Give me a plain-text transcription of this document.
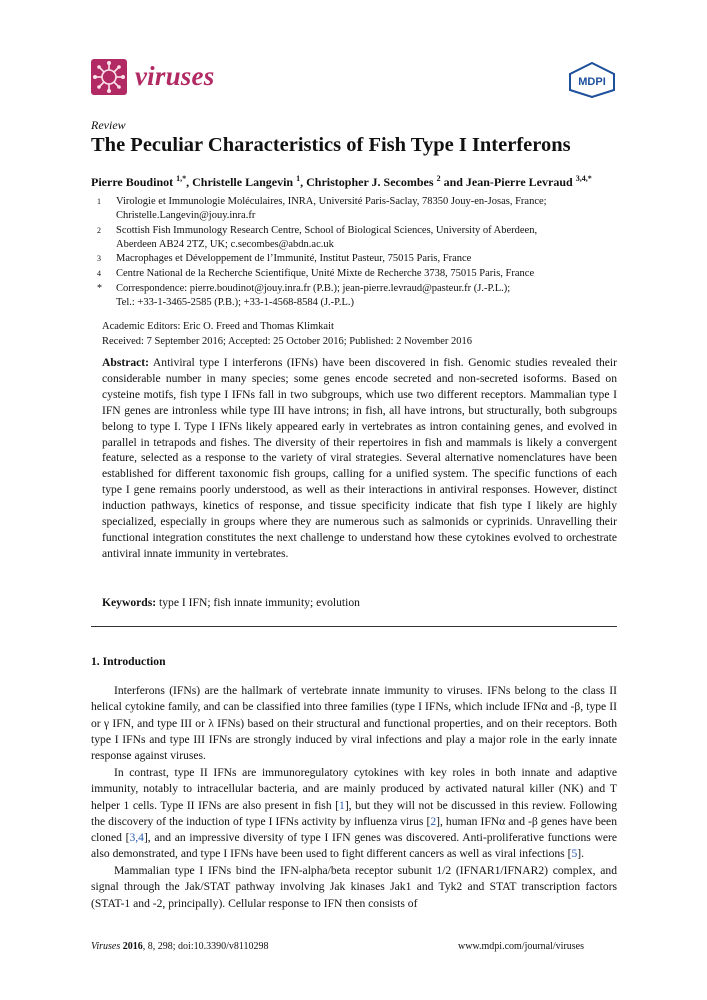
viruses	MDPI
Review
The Peculiar Characteristics of Fish Type I Interferons
Pierre Boudinot $^{1,*}$, Christelle Langevin $^1$, Christopher J. Secombes $^2$ and Jean-Pierre Levraud $^{3,4,*}$
1 Virologie et Immunologie Moléculaires, INRA, Université Paris-Saclay, 78350 Jouy-en-Josas, France;
Christelle.Langevin@jouy.inra.fr
2 Scottish Fish Immunology Research Centre, School of Biological Sciences, University of Aberdeen,
Aberdeen AB24 2TZ, UK; c.secombes@abdn.ac.uk
3 Macrophages et Développement de l’Immunité, Institut Pasteur, 75015 Paris, France
4 Centre National de la Recherche Scientifique, Unité Mixte de Recherche 3738, 75015 Paris, France
* Correspondence: pierre.boudinot@jouy.inra.fr (P.B.); jean-pierre.levraud@pasteur.fr (J.-P.L.);
Tel.: +33-1-3465-2585 (P.B.); +33-1-4568-8584 (J.-P.L.)
Academic Editors: Eric O. Freed and Thomas Klimkait
Received: 7 September 2016; Accepted: 25 October 2016; Published: 2 November 2016
Abstract: Antiviral type I interferons (IFNs) have been discovered in fish. Genomic studies revealed their considerable number in many species; some genes encode secreted and non-secreted isoforms. Based on cysteine motifs, fish type I IFNs fall in two subgroups, which use two different receptors. Mammalian type I IFN genes are intronless while type III have introns; in fish, all have introns, but structurally, both subgroups belong to type I. Type I IFNs likely appeared early in vertebrates as intron containing genes, and evolved in parallel in tetrapods and fishes. The diversity of their repertoires in fish and mammals is likely a convergent feature, selected as a response to the variety of viral strategies. Several alternative nomenclatures have been established for different taxonomic fish groups, calling for a unified system. The specific functions of each type I gene remains poorly understood, as well as their interactions in antiviral responses. However, distinct induction pathways, kinetics of response, and tissue specificity indicate that fish type I likely are highly specialized, especially in groups where they are numerous such as salmonids or cyprinids. Unravelling their functional integration constitutes the next challenge to understand how these cytokines evolved to orchestrate antiviral innate immunity in vertebrates.
Keywords: type I IFN; fish innate immunity; evolution
1. Introduction

Interferons (IFNs) are the hallmark of vertebrate innate immunity to viruses. IFNs belong to the class II helical cytokine family, and can be classified into three families (type I IFNs, which include IFNα and -β, type II or γ IFN, and type III or λ IFNs) based on their structural and functional properties, and on their receptors. Both type I IFNs and type III IFNs are strongly induced by viral infections and play a major role in the early innate response against viruses.

In contrast, type II IFNs are immunoregulatory cytokines with key roles in both innate and adaptive immunity, notably to intracellular bacteria, and are mainly produced by activated natural killer (NK) and T helper 1 cells. Type II IFNs are also present in fish [1], but they will not be discussed in this review. Following the discovery of the induction of type I IFNs activity by influenza virus [2], human IFNα and -β genes have been cloned [3,4], and an impressive diversity of type I IFN genes was discovered. Anti-proliferative functions were also demonstrated, and type I IFNs have been used to fight different cancers as well as viral infections [5].

Mammalian type I IFNs bind the IFN-alpha/beta receptor subunit 1/2 (IFNAR1/IFNAR2) complex, and signal through the Jak/STAT pathway involving Jak kinases Jak1 and Tyk2 and STAT transcription factors (STAT-1 and -2, principally). Cellular response to IFN then consists of

Viruses 2016, 8, 298; doi:10.3390/v8110298	www.mdpi.com/journal/viruses
